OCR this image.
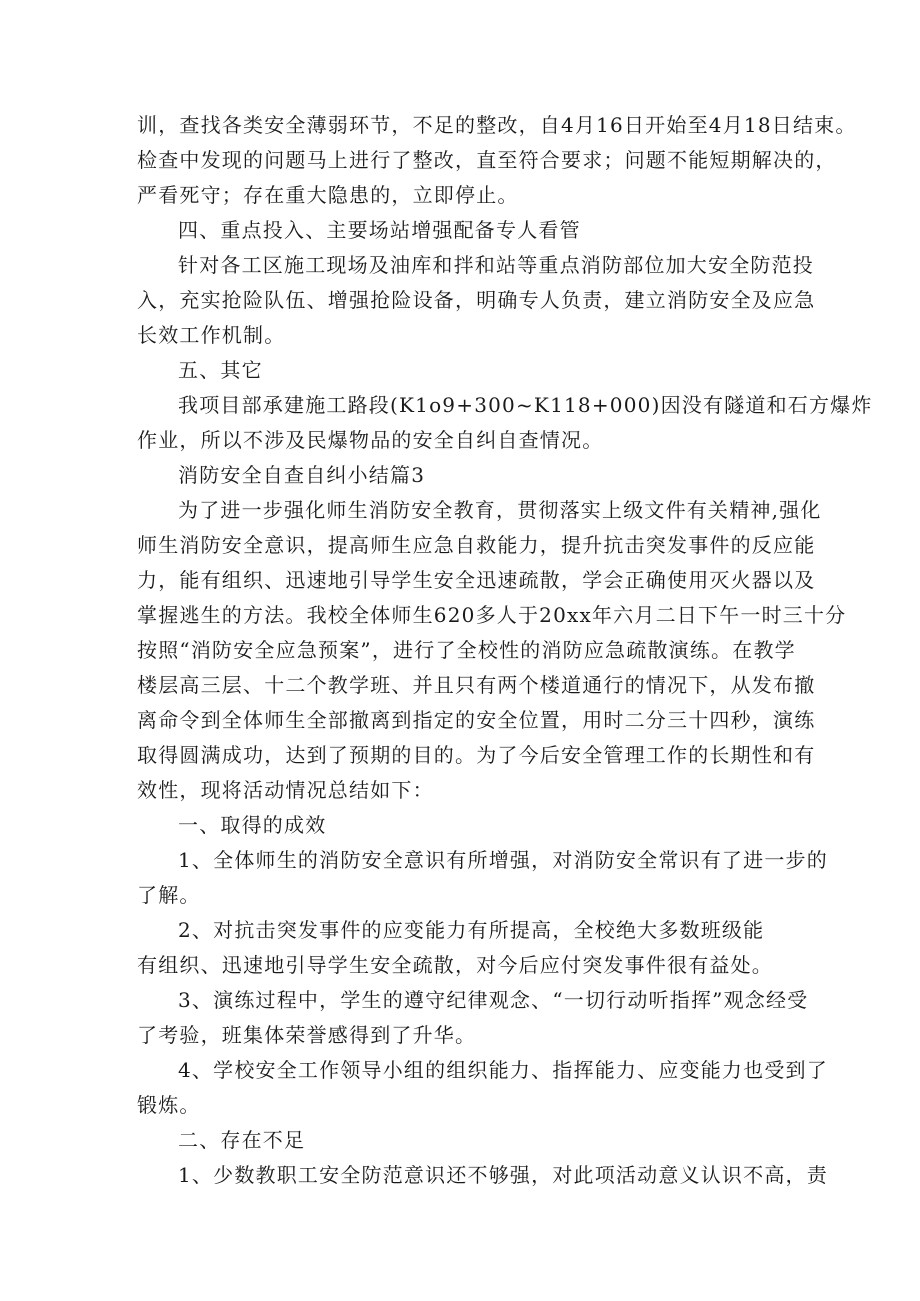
训，查找各类安全薄弱环节，不足的整改，自4月16日开始至4月18日结束。
检查中发现的问题马上进行了整改，直至符合要求；问题不能短期解决的，
严看死守；存在重大隐患的，立即停止。
四、重点投入、主要场站增强配备专人看管
针对各工区施工现场及油库和拌和站等重点消防部位加大安全防范投
入，充实抢险队伍、增强抢险设备，明确专人负责，建立消防安全及应急
长效工作机制。
五、其它
我项目部承建施工路段(K1o9+300~K118+000)因没有隧道和石方爆炸
作业，所以不涉及民爆物品的安全自纠自查情况。
消防安全自查自纠小结篇3
为了进一步强化师生消防安全教育，贯彻落实上级文件有关精神,强化
师生消防安全意识，提高师生应急自救能力，提升抗击突发事件的反应能
力，能有组织、迅速地引导学生安全迅速疏散，学会正确使用灭火器以及
掌握逃生的方法。我校全体师生620多人于20xx年六月二日下午一时三十分
按照“消防安全应急预案”，进行了全校性的消防应急疏散演练。在教学
楼层高三层、十二个教学班、并且只有两个楼道通行的情况下，从发布撤
离命令到全体师生全部撤离到指定的安全位置，用时二分三十四秒，演练
取得圆满成功，达到了预期的目的。为了今后安全管理工作的长期性和有
效性，现将活动情况总结如下：
一、取得的成效
1、全体师生的消防安全意识有所增强，对消防安全常识有了进一步的
了解。
2、对抗击突发事件的应变能力有所提高，全校绝大多数班级能
有组织、迅速地引导学生安全疏散，对今后应付突发事件很有益处。
3、演练过程中，学生的遵守纪律观念、“一切行动听指挥”观念经受
了考验，班集体荣誉感得到了升华。
4、学校安全工作领导小组的组织能力、指挥能力、应变能力也受到了
锻炼。
二、存在不足
1、少数教职工安全防范意识还不够强，对此项活动意义认识不高，责
